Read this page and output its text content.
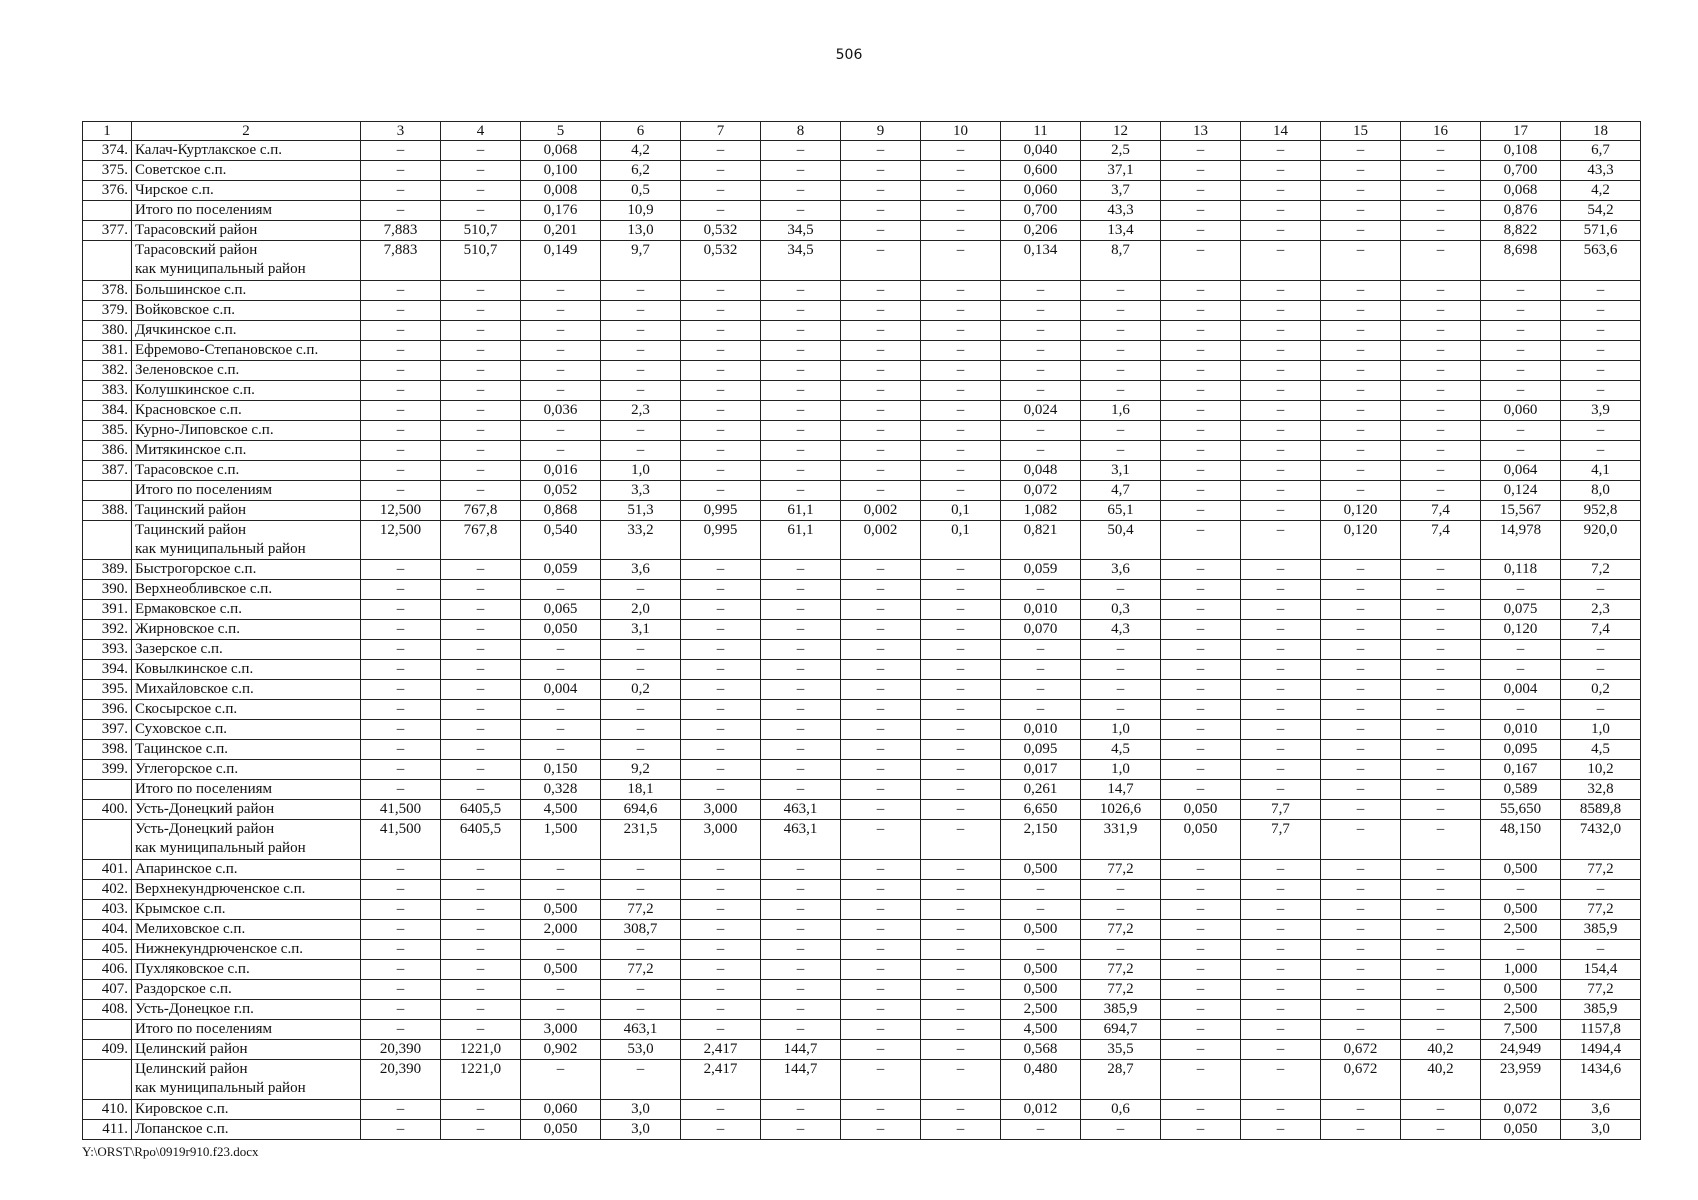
506
1	2	3	4	5	6	7	8	9	10	11	12	13	14	15	16	17	18
374.	Калач-Куртлакское с.п.	–	–	0,068	4,2	–	–	–	–	0,040	2,5	–	–	–	–	0,108	6,7
375.	Советское с.п.	–	–	0,100	6,2	–	–	–	–	0,600	37,1	–	–	–	–	0,700	43,3
376.	Чирское с.п.	–	–	0,008	0,5	–	–	–	–	0,060	3,7	–	–	–	–	0,068	4,2
	Итого по поселениям	–	–	0,176	10,9	–	–	–	–	0,700	43,3	–	–	–	–	0,876	54,2
377.	Тарасовский район	7,883	510,7	0,201	13,0	0,532	34,5	–	–	0,206	13,4	–	–	–	–	8,822	571,6
	Тарасовский район
как муниципальный район	7,883	510,7	0,149	9,7	0,532	34,5	–	–	0,134	8,7	–	–	–	–	8,698	563,6
378.	Большинское с.п.	–	–	–	–	–	–	–	–	–	–	–	–	–	–	–	–
379.	Войковское с.п.	–	–	–	–	–	–	–	–	–	–	–	–	–	–	–	–
380.	Дячкинское с.п.	–	–	–	–	–	–	–	–	–	–	–	–	–	–	–	–
381.	Ефремово-Степановское с.п.	–	–	–	–	–	–	–	–	–	–	–	–	–	–	–	–
382.	Зеленовское с.п.	–	–	–	–	–	–	–	–	–	–	–	–	–	–	–	–
383.	Колушкинское с.п.	–	–	–	–	–	–	–	–	–	–	–	–	–	–	–	–
384.	Красновское с.п.	–	–	0,036	2,3	–	–	–	–	0,024	1,6	–	–	–	–	0,060	3,9
385.	Курно-Липовское с.п.	–	–	–	–	–	–	–	–	–	–	–	–	–	–	–	–
386.	Митякинское с.п.	–	–	–	–	–	–	–	–	–	–	–	–	–	–	–	–
387.	Тарасовское с.п.	–	–	0,016	1,0	–	–	–	–	0,048	3,1	–	–	–	–	0,064	4,1
	Итого по поселениям	–	–	0,052	3,3	–	–	–	–	0,072	4,7	–	–	–	–	0,124	8,0
388.	Тацинский район	12,500	767,8	0,868	51,3	0,995	61,1	0,002	0,1	1,082	65,1	–	–	0,120	7,4	15,567	952,8
	Тацинский район
как муниципальный район	12,500	767,8	0,540	33,2	0,995	61,1	0,002	0,1	0,821	50,4	–	–	0,120	7,4	14,978	920,0
389.	Быстрогорское с.п.	–	–	0,059	3,6	–	–	–	–	0,059	3,6	–	–	–	–	0,118	7,2
390.	Верхнеобливское с.п.	–	–	–	–	–	–	–	–	–	–	–	–	–	–	–	–
391.	Ермаковское с.п.	–	–	0,065	2,0	–	–	–	–	0,010	0,3	–	–	–	–	0,075	2,3
392.	Жирновское с.п.	–	–	0,050	3,1	–	–	–	–	0,070	4,3	–	–	–	–	0,120	7,4
393.	Зазерское с.п.	–	–	–	–	–	–	–	–	–	–	–	–	–	–	–	–
394.	Ковылкинское с.п.	–	–	–	–	–	–	–	–	–	–	–	–	–	–	–	–
395.	Михайловское с.п.	–	–	0,004	0,2	–	–	–	–	–	–	–	–	–	–	0,004	0,2
396.	Скосырское с.п.	–	–	–	–	–	–	–	–	–	–	–	–	–	–	–	–
397.	Суховское с.п.	–	–	–	–	–	–	–	–	0,010	1,0	–	–	–	–	0,010	1,0
398.	Тацинское с.п.	–	–	–	–	–	–	–	–	0,095	4,5	–	–	–	–	0,095	4,5
399.	Углегорское с.п.	–	–	0,150	9,2	–	–	–	–	0,017	1,0	–	–	–	–	0,167	10,2
	Итого по поселениям	–	–	0,328	18,1	–	–	–	–	0,261	14,7	–	–	–	–	0,589	32,8
400.	Усть-Донецкий район	41,500	6405,5	4,500	694,6	3,000	463,1	–	–	6,650	1026,6	0,050	7,7	–	–	55,650	8589,8
	Усть-Донецкий район
как муниципальный район	41,500	6405,5	1,500	231,5	3,000	463,1	–	–	2,150	331,9	0,050	7,7	–	–	48,150	7432,0
401.	Апаринское с.п.	–	–	–	–	–	–	–	–	0,500	77,2	–	–	–	–	0,500	77,2
402.	Верхнекундрюченское с.п.	–	–	–	–	–	–	–	–	–	–	–	–	–	–	–	–
403.	Крымское с.п.	–	–	0,500	77,2	–	–	–	–	–	–	–	–	–	–	0,500	77,2
404.	Мелиховское с.п.	–	–	2,000	308,7	–	–	–	–	0,500	77,2	–	–	–	–	2,500	385,9
405.	Нижнекундрюченское с.п.	–	–	–	–	–	–	–	–	–	–	–	–	–	–	–	–
406.	Пухляковское с.п.	–	–	0,500	77,2	–	–	–	–	0,500	77,2	–	–	–	–	1,000	154,4
407.	Раздорское с.п.	–	–	–	–	–	–	–	–	0,500	77,2	–	–	–	–	0,500	77,2
408.	Усть-Донецкое г.п.	–	–	–	–	–	–	–	–	2,500	385,9	–	–	–	–	2,500	385,9
	Итого по поселениям	–	–	3,000	463,1	–	–	–	–	4,500	694,7	–	–	–	–	7,500	1157,8
409.	Целинский район	20,390	1221,0	0,902	53,0	2,417	144,7	–	–	0,568	35,5	–	–	0,672	40,2	24,949	1494,4
	Целинский район
как муниципальный район	20,390	1221,0	–	–	2,417	144,7	–	–	0,480	28,7	–	–	0,672	40,2	23,959	1434,6
410.	Кировское с.п.	–	–	0,060	3,0	–	–	–	–	0,012	0,6	–	–	–	–	0,072	3,6
411.	Лопанское с.п.	–	–	0,050	3,0	–	–	–	–	–	–	–	–	–	–	0,050	3,0
Y:\ORST\Rpo\0919r910.f23.docx
